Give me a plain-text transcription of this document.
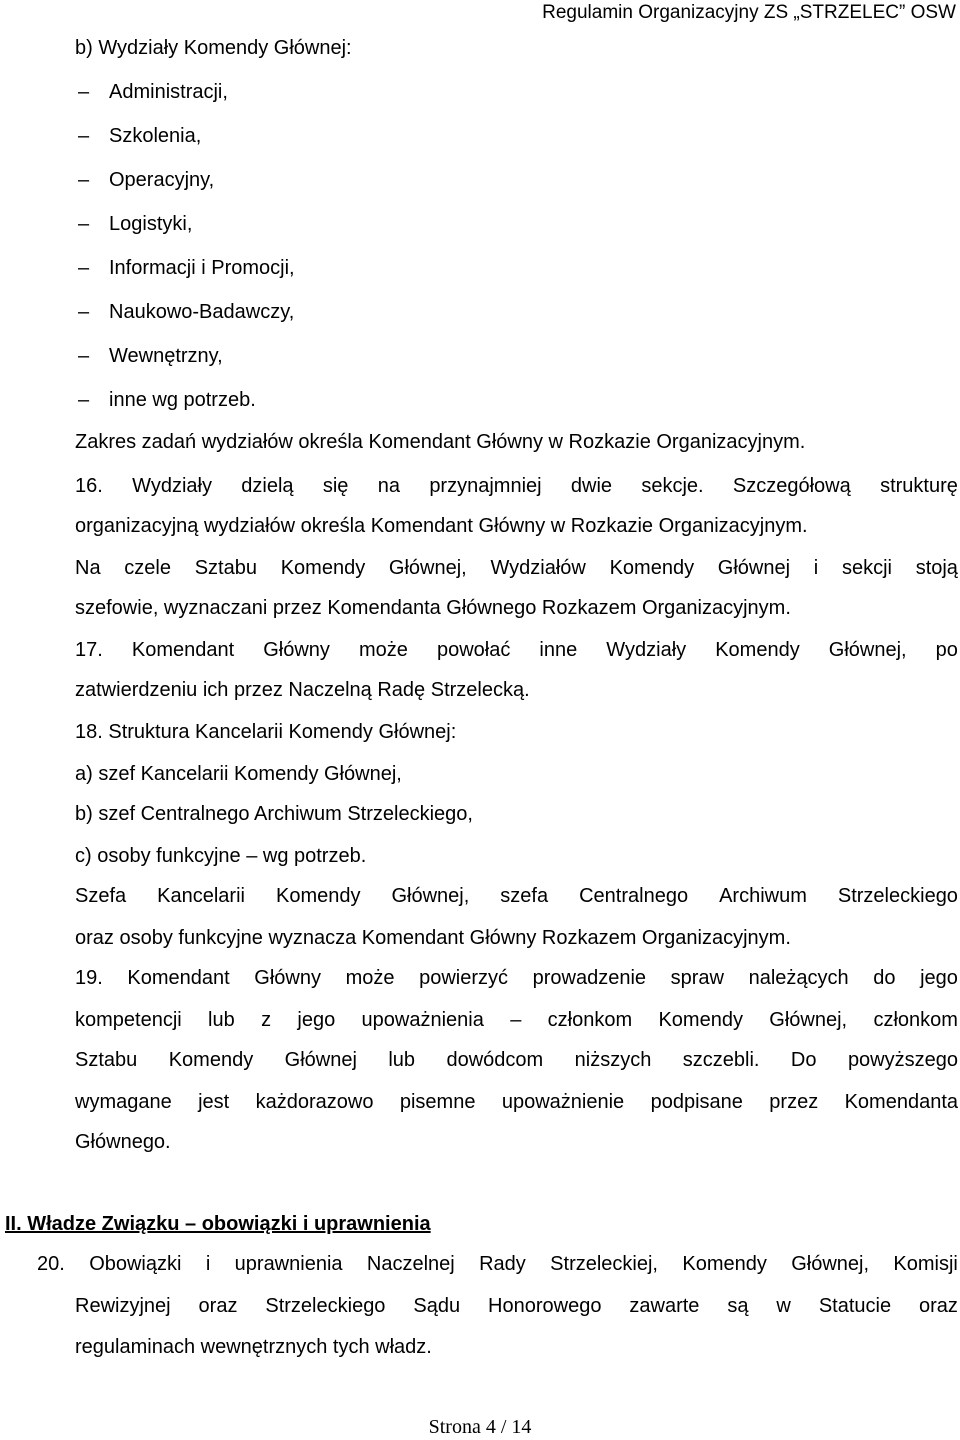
Regulamin Organizacyjny ZS „STRZELEC” OSW
b) Wydziały Komendy Głównej:
– Administracji,
– Szkolenia,
– Operacyjny,
– Logistyki,
– Informacji i Promocji,
– Naukowo-Badawczy,
– Wewnętrzny,
– inne wg potrzeb.
Zakres zadań wydziałów określa Komendant Główny w Rozkazie Organizacyjnym.
16. Wydziały dzielą się na przynajmniej dwie sekcje. Szczegółową strukturę
organizacyjną wydziałów określa Komendant Główny w Rozkazie Organizacyjnym.
Na czele Sztabu Komendy Głównej, Wydziałów Komendy Głównej i sekcji stoją
szefowie, wyznaczani przez Komendanta Głównego Rozkazem Organizacyjnym.
17. Komendant Główny może powołać inne Wydziały Komendy Głównej, po
zatwierdzeniu ich przez Naczelną Radę Strzelecką.
18. Struktura Kancelarii Komendy Głównej:
a) szef Kancelarii Komendy Głównej,
b) szef Centralnego Archiwum Strzeleckiego,
c) osoby funkcyjne – wg potrzeb.
Szefa Kancelarii Komendy Głównej, szefa Centralnego Archiwum Strzeleckiego
oraz osoby funkcyjne wyznacza Komendant Główny Rozkazem Organizacyjnym.
19. Komendant Główny może powierzyć prowadzenie spraw należących do jego
kompetencji lub z jego upoważnienia – członkom Komendy Głównej, członkom
Sztabu Komendy Głównej lub dowódcom niższych szczebli. Do powyższego
wymagane jest każdorazowo pisemne upoważnienie podpisane przez Komendanta
Głównego.
II. Władze Związku – obowiązki i uprawnienia
20. Obowiązki i uprawnienia Naczelnej Rady Strzeleckiej, Komendy Głównej, Komisji
Rewizyjnej oraz Strzeleckiego Sądu Honorowego zawarte są w Statucie oraz
regulaminach wewnętrznych tych władz.
Strona 4 / 14
